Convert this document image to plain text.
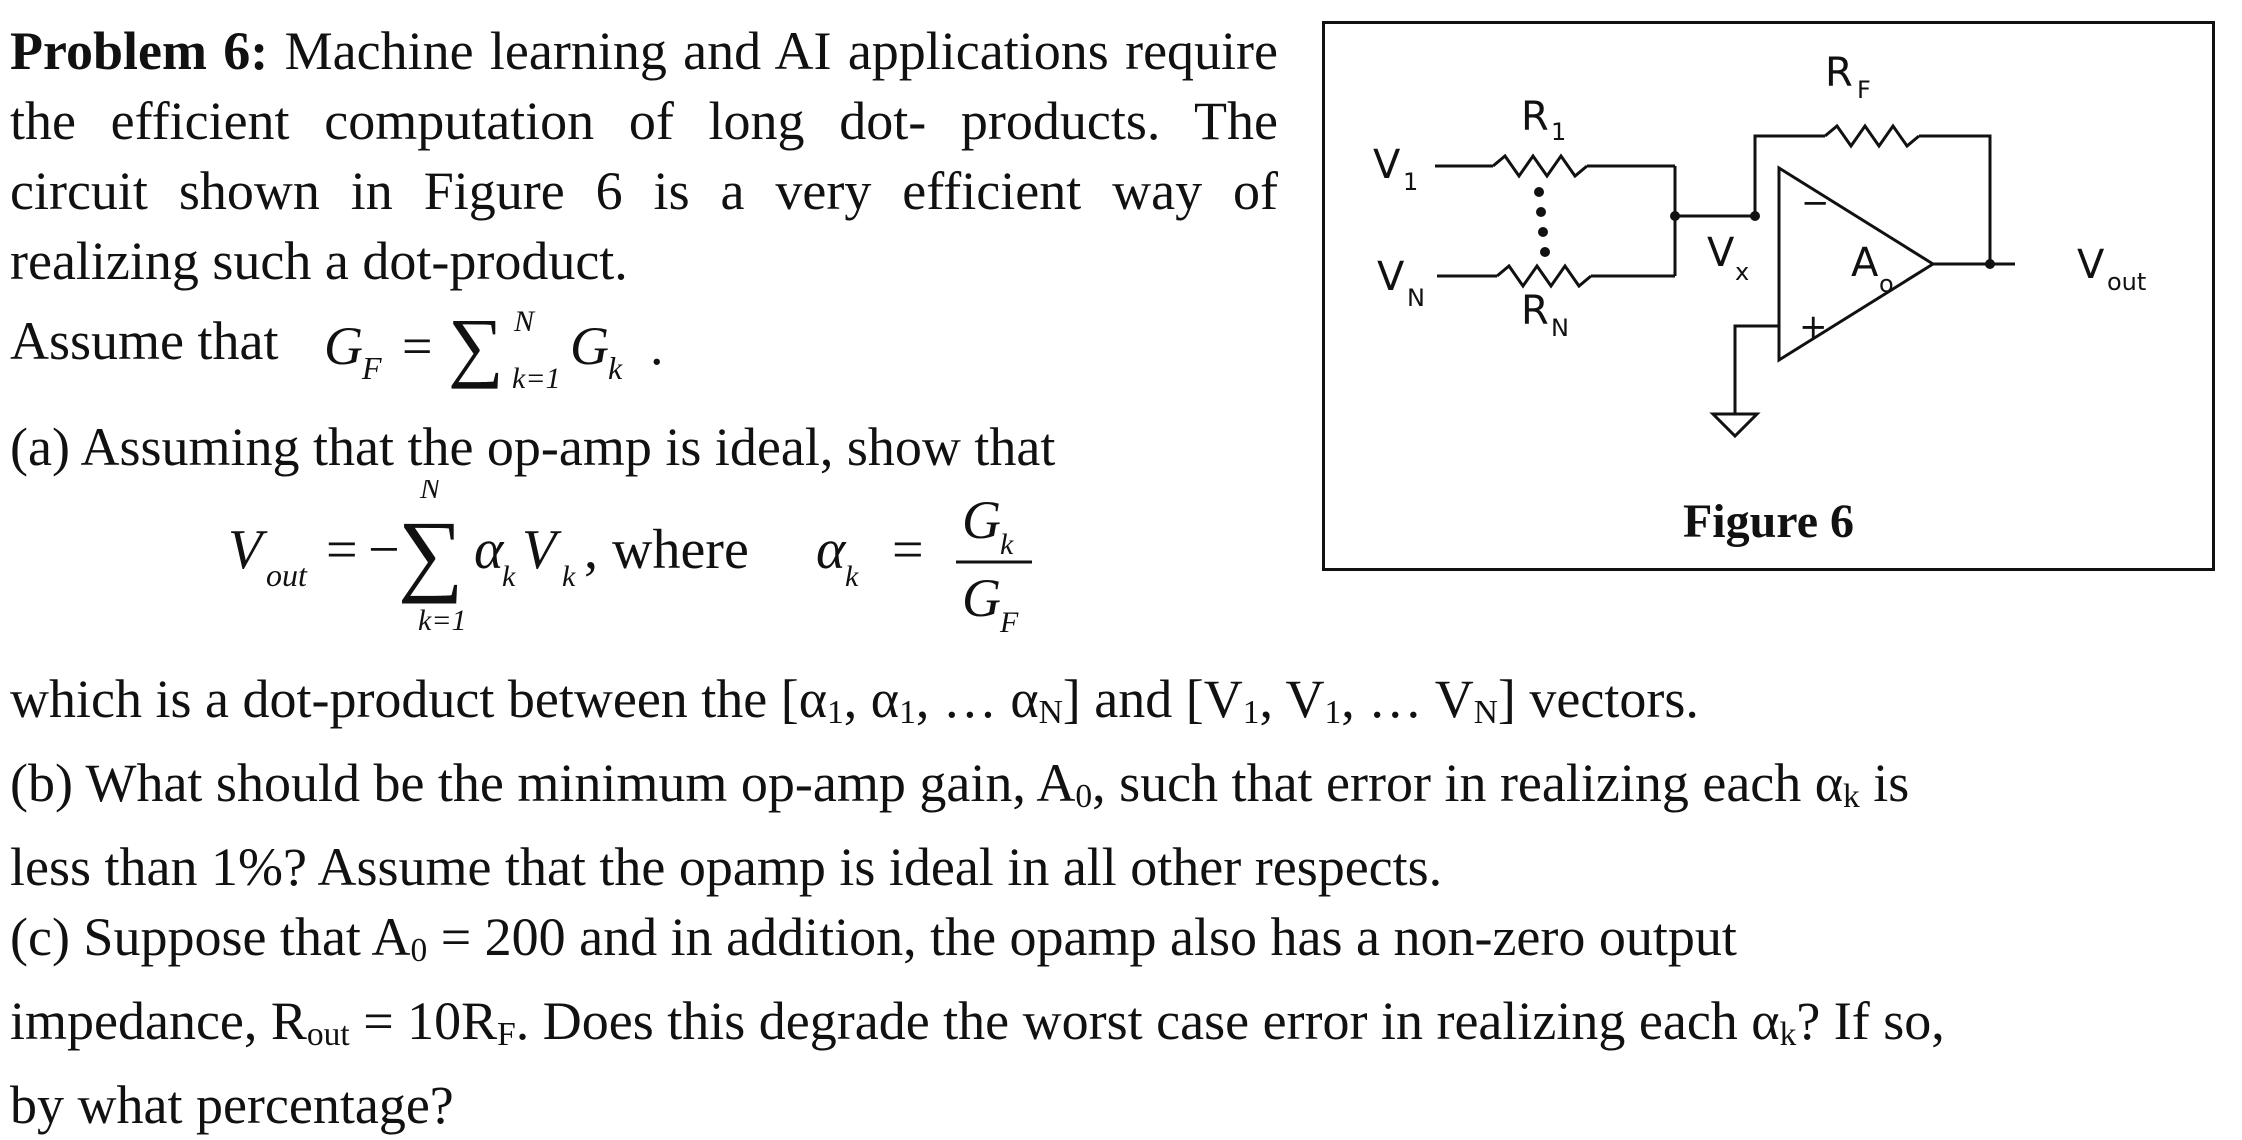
Problem 6: Machine learning and AI applications require the efficient computation of long dot- products. The circuit shown in Figure 6 is a very efficient way of realizing such a dot-product.
Assume that G F = ∑ N
k=1
G k .
(a) Assuming that the op-amp is ideal, show that
V out = −
∑
N
k=1
α
k V k , where α k = G k
G F
which is a dot-product between the [α1, α1, … αN] and [V1, V1, … VN] vectors.
(b) What should be the minimum op-amp gain, A0, such that error in realizing each αk is
less than 1%? Assume that the opamp is ideal in all other respects.
(c) Suppose that A0 = 200 and in addition, the opamp also has a non-zero output
impedance, Rout = 10RF. Does this degrade the worst case error in realizing each αk? If so,
by what percentage?
R F
R 1
R N
V 1
V N
V x
−
+
A o	V out
Figure 6
